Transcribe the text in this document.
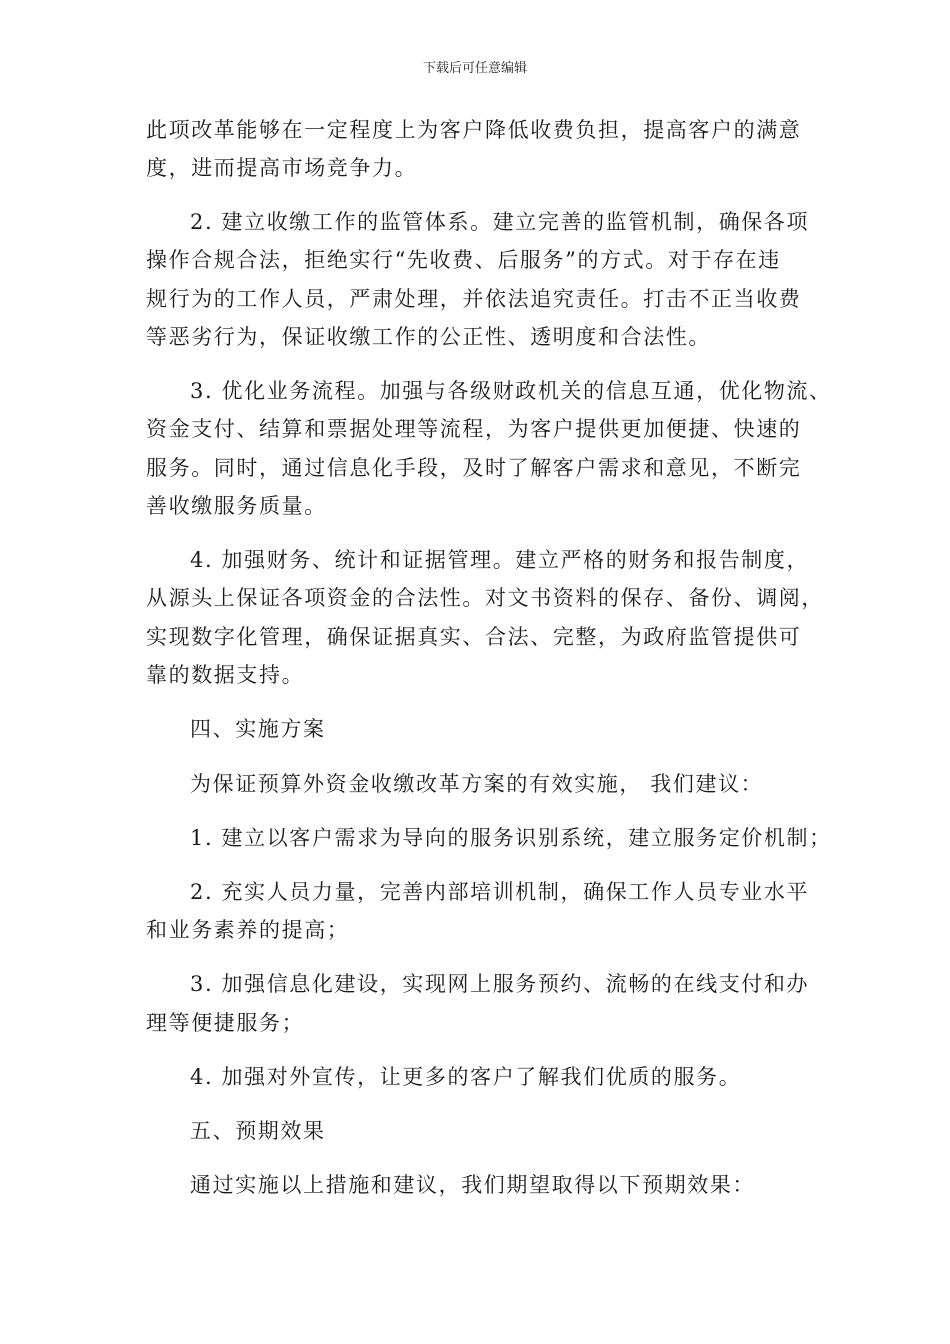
下载后可任意编辑
此项改革能够在一定程度上为客户降低收费负担，提高客户的满意
度，进而提高市场竞争力。
2. 建立收缴工作的监管体系。建立完善的监管机制，确保各项
操作合规合法，拒绝实行“先收费、后服务”的方式。对于存在违
规行为的工作人员，严肃处理，并依法追究责任。打击不正当收费
等恶劣行为，保证收缴工作的公正性、透明度和合法性。
3. 优化业务流程。加强与各级财政机关的信息互通，优化物流、
资金支付、结算和票据处理等流程，为客户提供更加便捷、快速的
服务。同时，通过信息化手段，及时了解客户需求和意见，不断完
善收缴服务质量。
4. 加强财务、统计和证据管理。建立严格的财务和报告制度，
从源头上保证各项资金的合法性。对文书资料的保存、备份、调阅，
实现数字化管理，确保证据真实、合法、完整，为政府监管提供可
靠的数据支持。
四、实施方案
为保证预算外资金收缴改革方案的有效实施， 我们建议：
1. 建立以客户需求为导向的服务识别系统，建立服务定价机制；
2. 充实人员力量，完善内部培训机制，确保工作人员专业水平
和业务素养的提高；
3. 加强信息化建设，实现网上服务预约、流畅的在线支付和办
理等便捷服务；
4. 加强对外宣传，让更多的客户了解我们优质的服务。
五、预期效果
通过实施以上措施和建议，我们期望取得以下预期效果：
